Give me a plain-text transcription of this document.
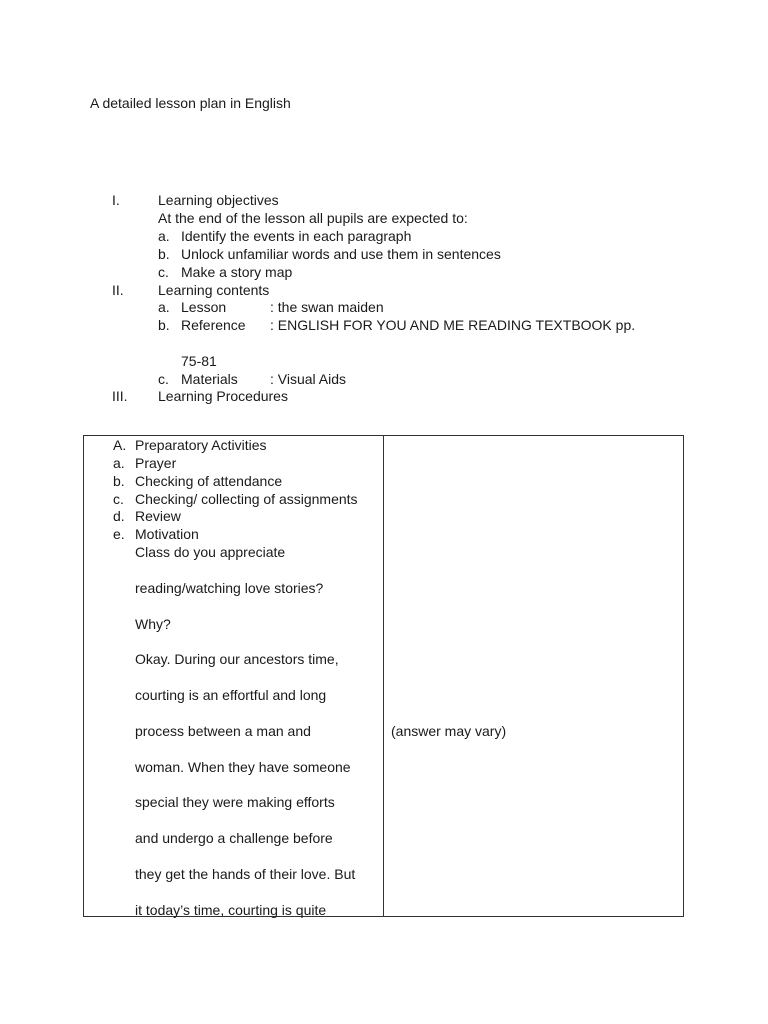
A detailed lesson plan in English
I.	Learning objectives
At the end of the lesson all pupils are expected to:
a. Identify the events in each paragraph
b. Unlock unfamiliar words and use them in sentences
c. Make a story map
II. Learning contents
a. Lesson	: the swan maiden
b. Reference : ENGLISH FOR YOU AND ME READING TEXTBOOK pp.
75-81
c. Materials : Visual Aids
III. Learning Procedures
A. Preparatory Activities
a. Prayer
b. Checking of attendance
c. Checking/ collecting of assignments
d. Review
e. Motivation
Class do you appreciate
reading/watching love stories?
Why?
Okay. During our ancestors time,
courting is an effortful and long
process between a man and
woman. When they have someone
special they were making efforts
and undergo a challenge before
they get the hands of their love. But
it today’s time, courting is quite
(answer may vary)
